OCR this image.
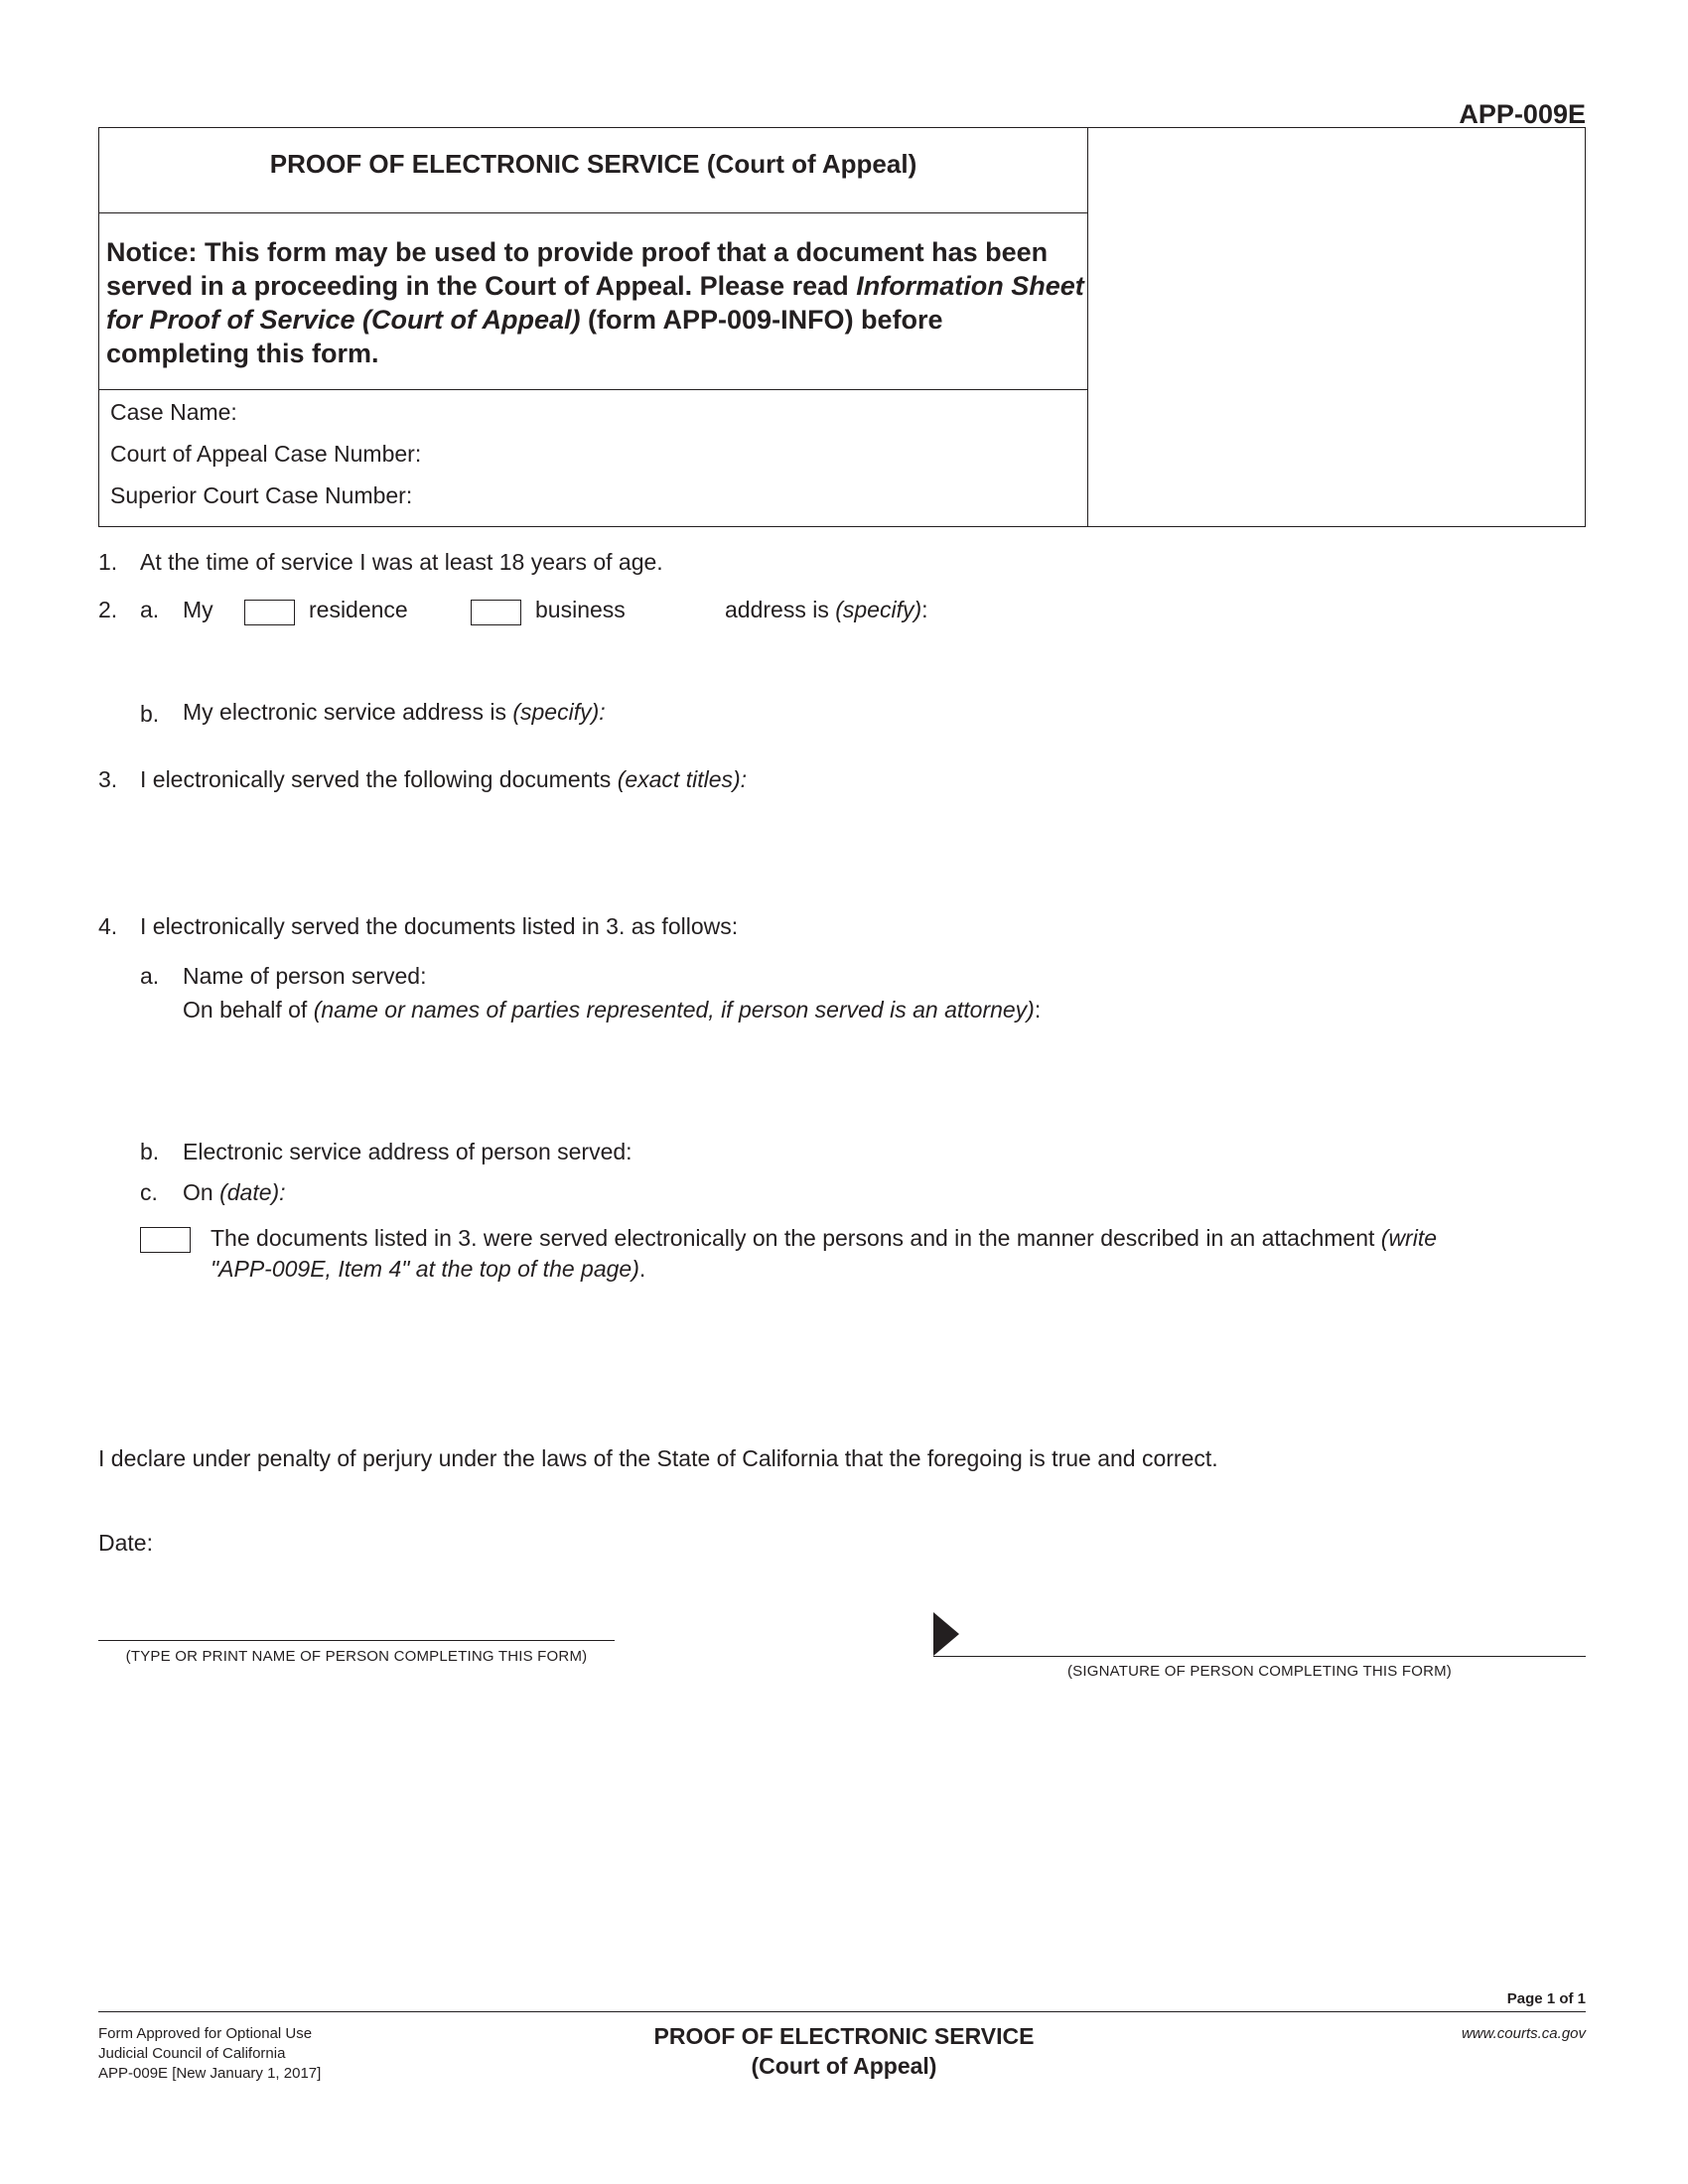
APP-009E
PROOF OF ELECTRONIC SERVICE (Court of Appeal)
Notice: This form may be used to provide proof that a document has been served in a proceeding in the Court of Appeal. Please read Information Sheet for Proof of Service (Court of Appeal) (form APP-009-INFO) before completing this form.
Case Name:
Court of Appeal Case Number:
Superior Court Case Number:
1. At the time of service I was at least 18 years of age.
2. a. My	residence	business	address is (specify):
b. My electronic service address is (specify):
3. I electronically served the following documents (exact titles):
4. I electronically served the documents listed in 3. as follows:
a. Name of person served:
On behalf of (name or names of parties represented, if person served is an attorney):
b. Electronic service address of person served:
c. On (date):
The documents listed in 3. were served electronically on the persons and in the manner described in an attachment (write
"APP-009E, Item 4" at the top of the page).
I declare under penalty of perjury under the laws of the State of California that the foregoing is true and correct.
Date:
(TYPE OR PRINT NAME OF PERSON COMPLETING THIS FORM)
(SIGNATURE OF PERSON COMPLETING THIS FORM)
Page 1 of 1
Form Approved for Optional Use
Judicial Council of California
APP-009E [New January 1, 2017]
PROOF OF ELECTRONIC SERVICE
(Court of Appeal)
www.courts.ca.gov
